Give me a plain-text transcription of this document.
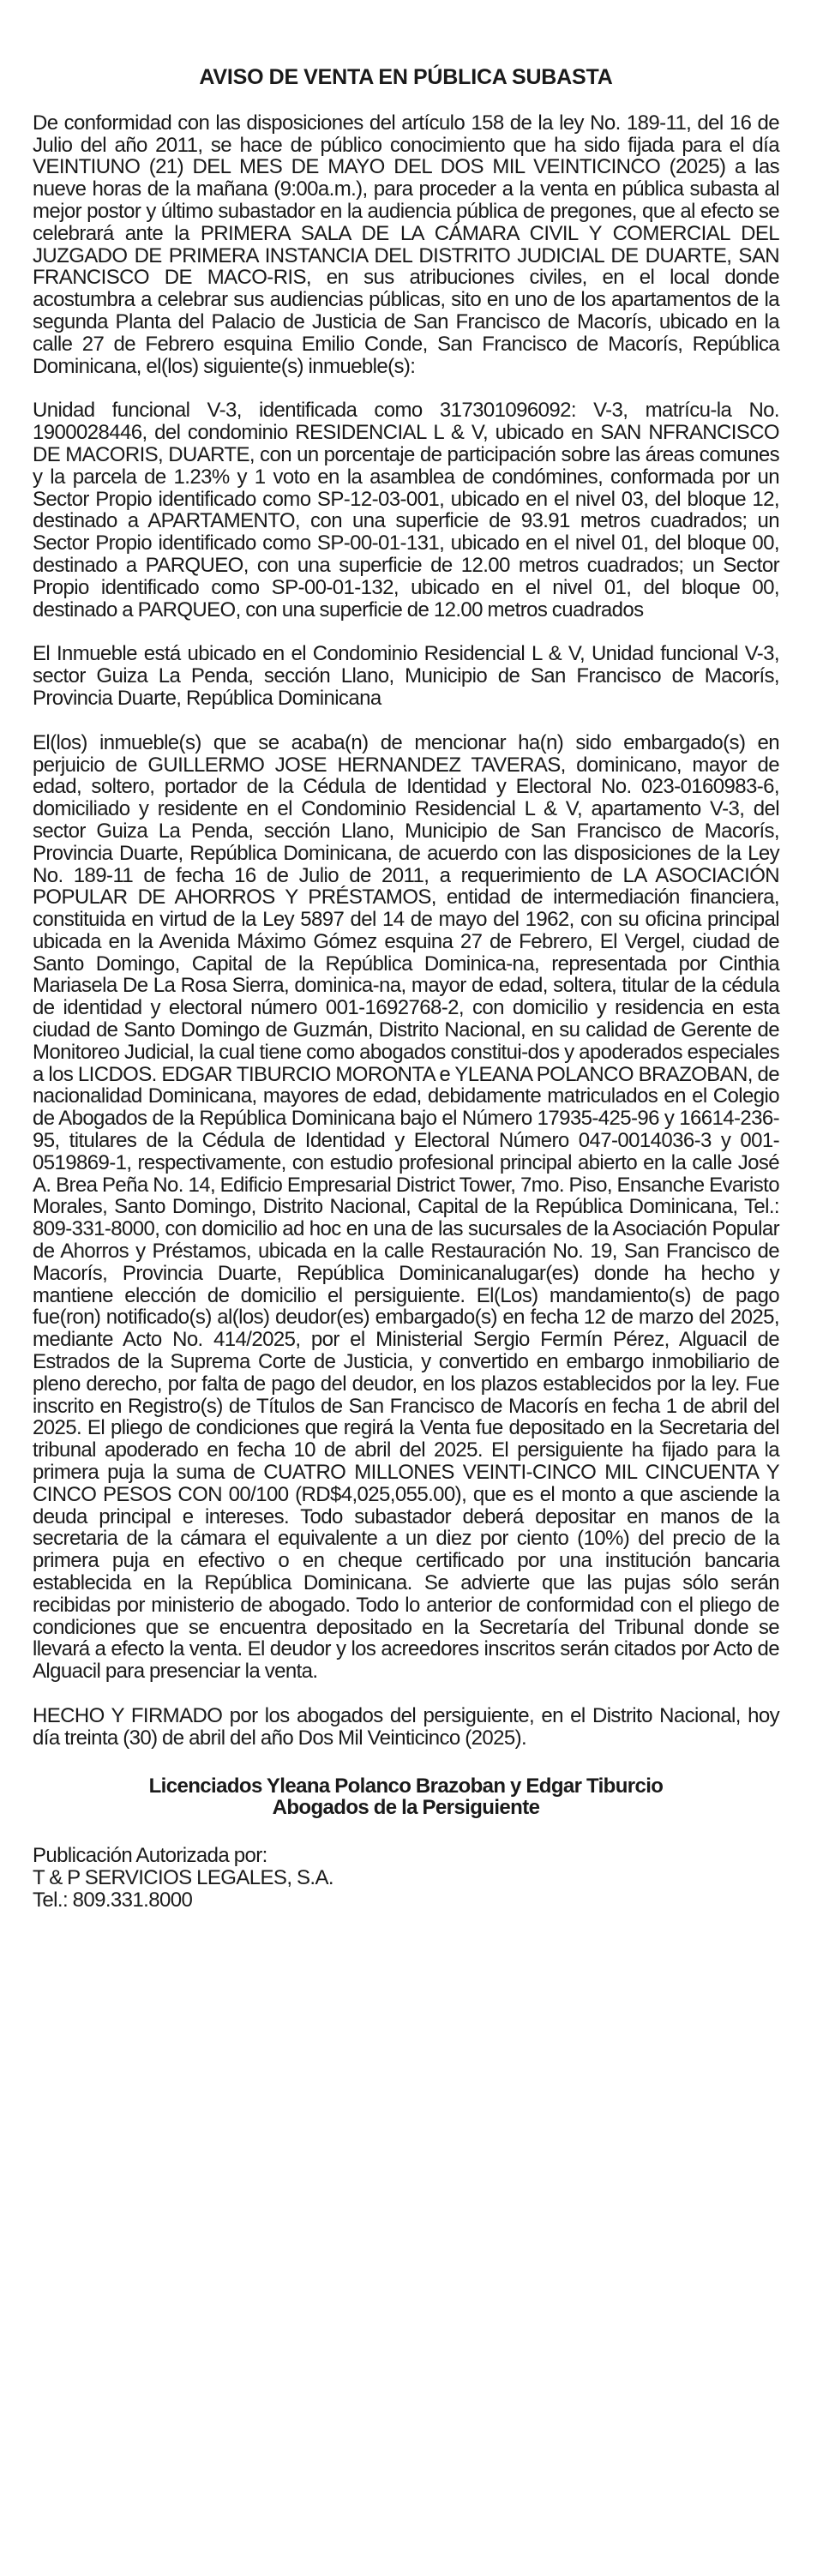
AVISO DE VENTA EN PÚBLICA SUBASTA

De conformidad con las disposiciones del artículo 158 de la ley No. 189-11, del 16 de Julio del año 2011, se hace de público conocimiento que ha sido fijada para el día VEINTIUNO (21) DEL MES DE MAYO DEL DOS MIL VEINTICINCO (2025) a las nueve horas de la mañana (9:00a.m.), para proceder a la venta en pública subasta al mejor postor y último subastador en la audiencia pública de pregones, que al efecto se celebrará ante la PRIMERA SALA DE LA CÁMARA CIVIL Y COMERCIAL DEL JUZGADO DE PRIMERA INSTANCIA DEL DISTRITO JUDICIAL DE DUARTE, SAN FRANCISCO DE MACO-RIS, en sus atribuciones civiles, en el local donde acostumbra a celebrar sus audiencias públicas, sito en uno de los apartamentos de la segunda Planta del Palacio de Justicia de San Francisco de Macorís, ubicado en la calle 27 de Febrero esquina Emilio Conde, San Francisco de Macorís, República Dominicana, el(los) siguiente(s) inmueble(s):

Unidad funcional V-3, identificada como 317301096092: V-3, matrícu-la No. 1900028446, del condominio RESIDENCIAL L & V, ubicado en SAN NFRANCISCO DE MACORIS, DUARTE, con un porcentaje de participación sobre las áreas comunes y la parcela de 1.23% y 1 voto en la asamblea de condómines, conformada por un Sector Propio identificado como SP-12-03-001, ubicado en el nivel 03, del bloque 12, destinado a APARTAMENTO, con una superficie de 93.91 metros cuadrados; un Sector Propio identificado como SP-00-01-131, ubicado en el nivel 01, del bloque 00, destinado a PARQUEO, con una superficie de 12.00 metros cuadrados; un Sector Propio identificado como SP-00-01-132, ubicado en el nivel 01, del bloque 00, destinado a PARQUEO, con una superficie de 12.00 metros cuadrados

El Inmueble está ubicado en el Condominio Residencial L & V, Unidad funcional V-3, sector Guiza La Penda, sección Llano, Municipio de San Francisco de Macorís, Provincia Duarte, República Dominicana

El(los) inmueble(s) que se acaba(n) de mencionar ha(n) sido embargado(s) en perjuicio de GUILLERMO JOSE HERNANDEZ TAVERAS, dominicano, mayor de edad, soltero, portador de la Cédula de Identidad y Electoral No. 023-0160983-6, domiciliado y residente en el Condominio Residencial L & V, apartamento V-3, del sector Guiza La Penda, sección Llano, Municipio de San Francisco de Macorís, Provincia Duarte, República Dominicana, de acuerdo con las disposiciones de la Ley No. 189-11 de fecha 16 de Julio de 2011, a requerimiento de LA ASOCIACIÓN POPULAR DE AHORROS Y PRÉSTAMOS, entidad de intermediación financiera, constituida en virtud de la Ley 5897 del 14 de mayo del 1962, con su oficina principal ubicada en la Avenida Máximo Gómez esquina 27 de Febrero, El Vergel, ciudad de Santo Domingo, Capital de la República Dominica-na, representada por Cinthia Mariasela De La Rosa Sierra, dominica-na, mayor de edad, soltera, titular de la cédula de identidad y electoral número 001-1692768-2, con domicilio y residencia en esta ciudad de Santo Domingo de Guzmán, Distrito Nacional, en su calidad de Gerente de Monitoreo Judicial, la cual tiene como abogados constitui-dos y apoderados especiales a los LICDOS. EDGAR TIBURCIO MORONTA e YLEANA POLANCO BRAZOBAN, de nacionalidad Dominicana, mayores de edad, debidamente matriculados en el Colegio de Abogados de la República Dominicana bajo el Número 17935-425-96 y 16614-236-95, titulares de la Cédula de Identidad y Electoral Número 047-0014036-3 y 001-0519869-1, respectivamente, con estudio profesional principal abierto en la calle José A. Brea Peña No. 14, Edificio Empresarial District Tower, 7mo. Piso, Ensanche Evaristo Morales, Santo Domingo, Distrito Nacional, Capital de la República Dominicana, Tel.: 809-331-8000, con domicilio ad hoc en una de las sucursales de la Asociación Popular de Ahorros y Préstamos, ubicada en la calle Restauración No. 19, San Francisco de Macorís, Provincia Duarte, República Dominicanalugar(es) donde ha hecho y mantiene elección de domicilio el persiguiente. El(Los) mandamiento(s) de pago fue(ron) notificado(s) al(los) deudor(es) embargado(s) en fecha 12 de marzo del 2025, mediante Acto No. 414/2025, por el Ministerial Sergio Fermín Pérez, Alguacil de Estrados de la Suprema Corte de Justicia, y convertido en embargo inmobiliario de pleno derecho, por falta de pago del deudor, en los plazos establecidos por la ley. Fue inscrito en Registro(s) de Títulos de San Francisco de Macorís en fecha 1 de abril del 2025. El pliego de condiciones que regirá la Venta fue depositado en la Secretaria del tribunal apoderado en fecha 10 de abril del 2025. El persiguiente ha fijado para la primera puja la suma de CUATRO MILLONES VEINTI-CINCO MIL CINCUENTA Y CINCO PESOS CON 00/100 (RD$4,025,055.00), que es el monto a que asciende la deuda principal e intereses. Todo subastador deberá depositar en manos de la secretaria de la cámara el equivalente a un diez por ciento (10%) del precio de la primera puja en efectivo o en cheque certificado por una institución bancaria establecida en la República Dominicana. Se advierte que las pujas sólo serán recibidas por ministerio de abogado. Todo lo anterior de conformidad con el pliego de condiciones que se encuentra depositado en la Secretaría del Tribunal donde se llevará a efecto la venta. El deudor y los acreedores inscritos serán citados por Acto de Alguacil para presenciar la venta.

HECHO Y FIRMADO por los abogados del persiguiente, en el Distrito Nacional, hoy día treinta (30) de abril del año Dos Mil Veinticinco (2025).

Licenciados Yleana Polanco Brazoban y Edgar Tiburcio
Abogados de la Persiguiente
Publicación Autorizada por:
T & P SERVICIOS LEGALES, S.A.
Tel.: 809.331.8000
